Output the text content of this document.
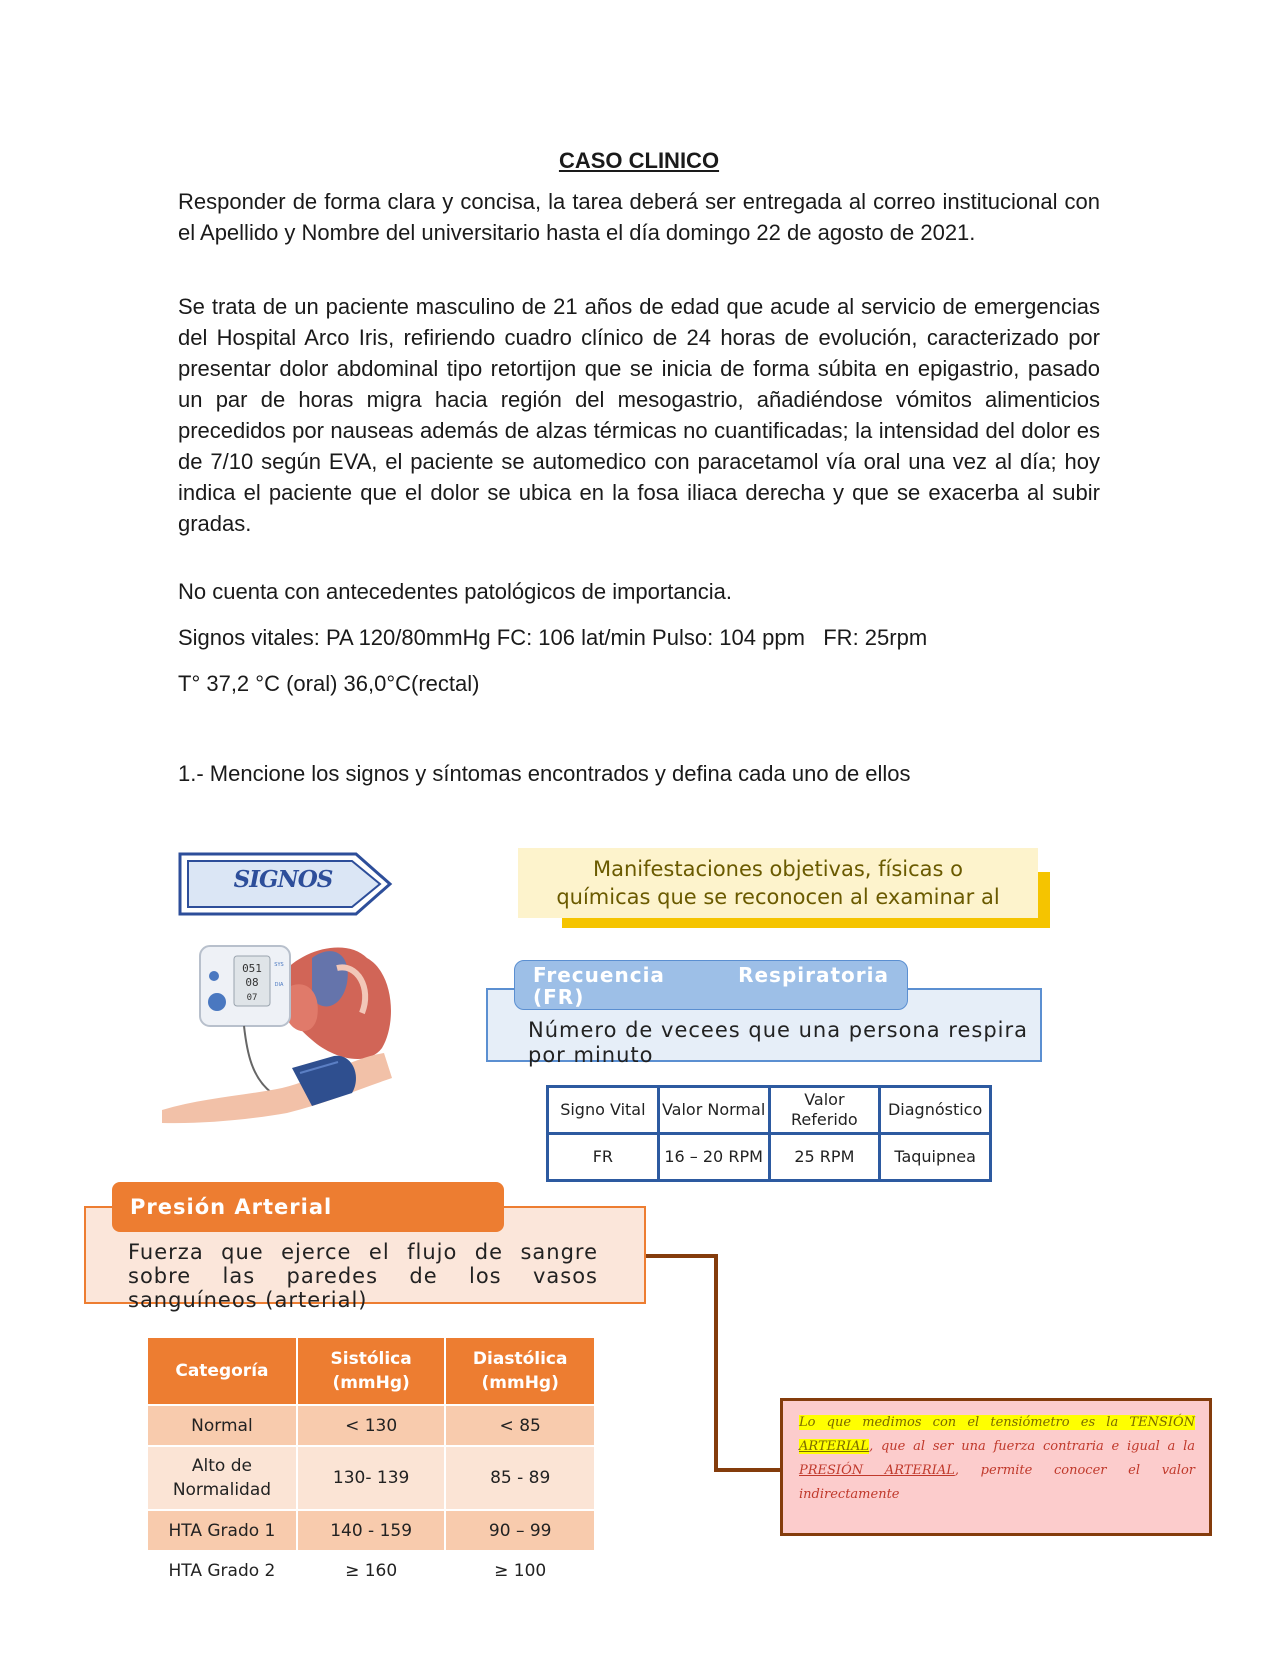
CASO CLINICO

Responder de forma clara y concisa, la tarea deberá ser entregada al correo institucional con el Apellido y Nombre del universitario hasta el día domingo 22 de agosto de 2021.

Se trata de un paciente masculino de 21 años de edad que acude al servicio de emergencias del Hospital Arco Iris, refiriendo cuadro clínico de 24 horas de evolución, caracterizado por presentar dolor abdominal tipo retortijon que se inicia de forma súbita en epigastrio, pasado un par de horas migra hacia región del mesogastrio, añadiéndose vómitos alimenticios precedidos por nauseas además de alzas térmicas no cuantificadas; la intensidad del dolor es de 7/10 según EVA, el paciente se automedico con paracetamol vía oral una vez al día; hoy indica el paciente que el dolor se ubica en la fosa iliaca derecha y que se exacerba al subir gradas.

No cuenta con antecedentes patológicos de importancia.
Signos vitales: PA 120/80mmHg FC: 106 lat/min Pulso: 104 ppm   FR: 25rpm
T° 37,2 °C (oral) 36,0°C(rectal)
1.- Mencione los signos y síntomas encontrados y defina cada uno de ellos
SIGNOS	Manifestaciones objetivas, físicas o
químicas que se reconocen al examinar al
051
08
07
SYS
DIA	Frecuencia	Respiratoria
(FR)
Número de vecees que una persona respira por minuto
Signo Vital	Valor Normal	Valor Referido	Diagnóstico
FR	16 – 20 RPM	25 RPM	Taquipnea
Presión Arterial
Fuerza que ejerce el flujo de sangre sobre las paredes de los vasos sanguíneos (arterial)
Categoría	Sistólica (mmHg)	Diastólica (mmHg)
Normal	< 130	< 85
Alto de Normalidad	130- 139	85 - 89
HTA Grado 1	140 - 159	90 – 99
HTA Grado 2	≥ 160	≥ 100
Lo que medimos con el tensiómetro es la TENSIÓN ARTERIAL, que al ser una fuerza contraria e igual a la PRESIÓN ARTERIAL, permite conocer el valor indirectamente
